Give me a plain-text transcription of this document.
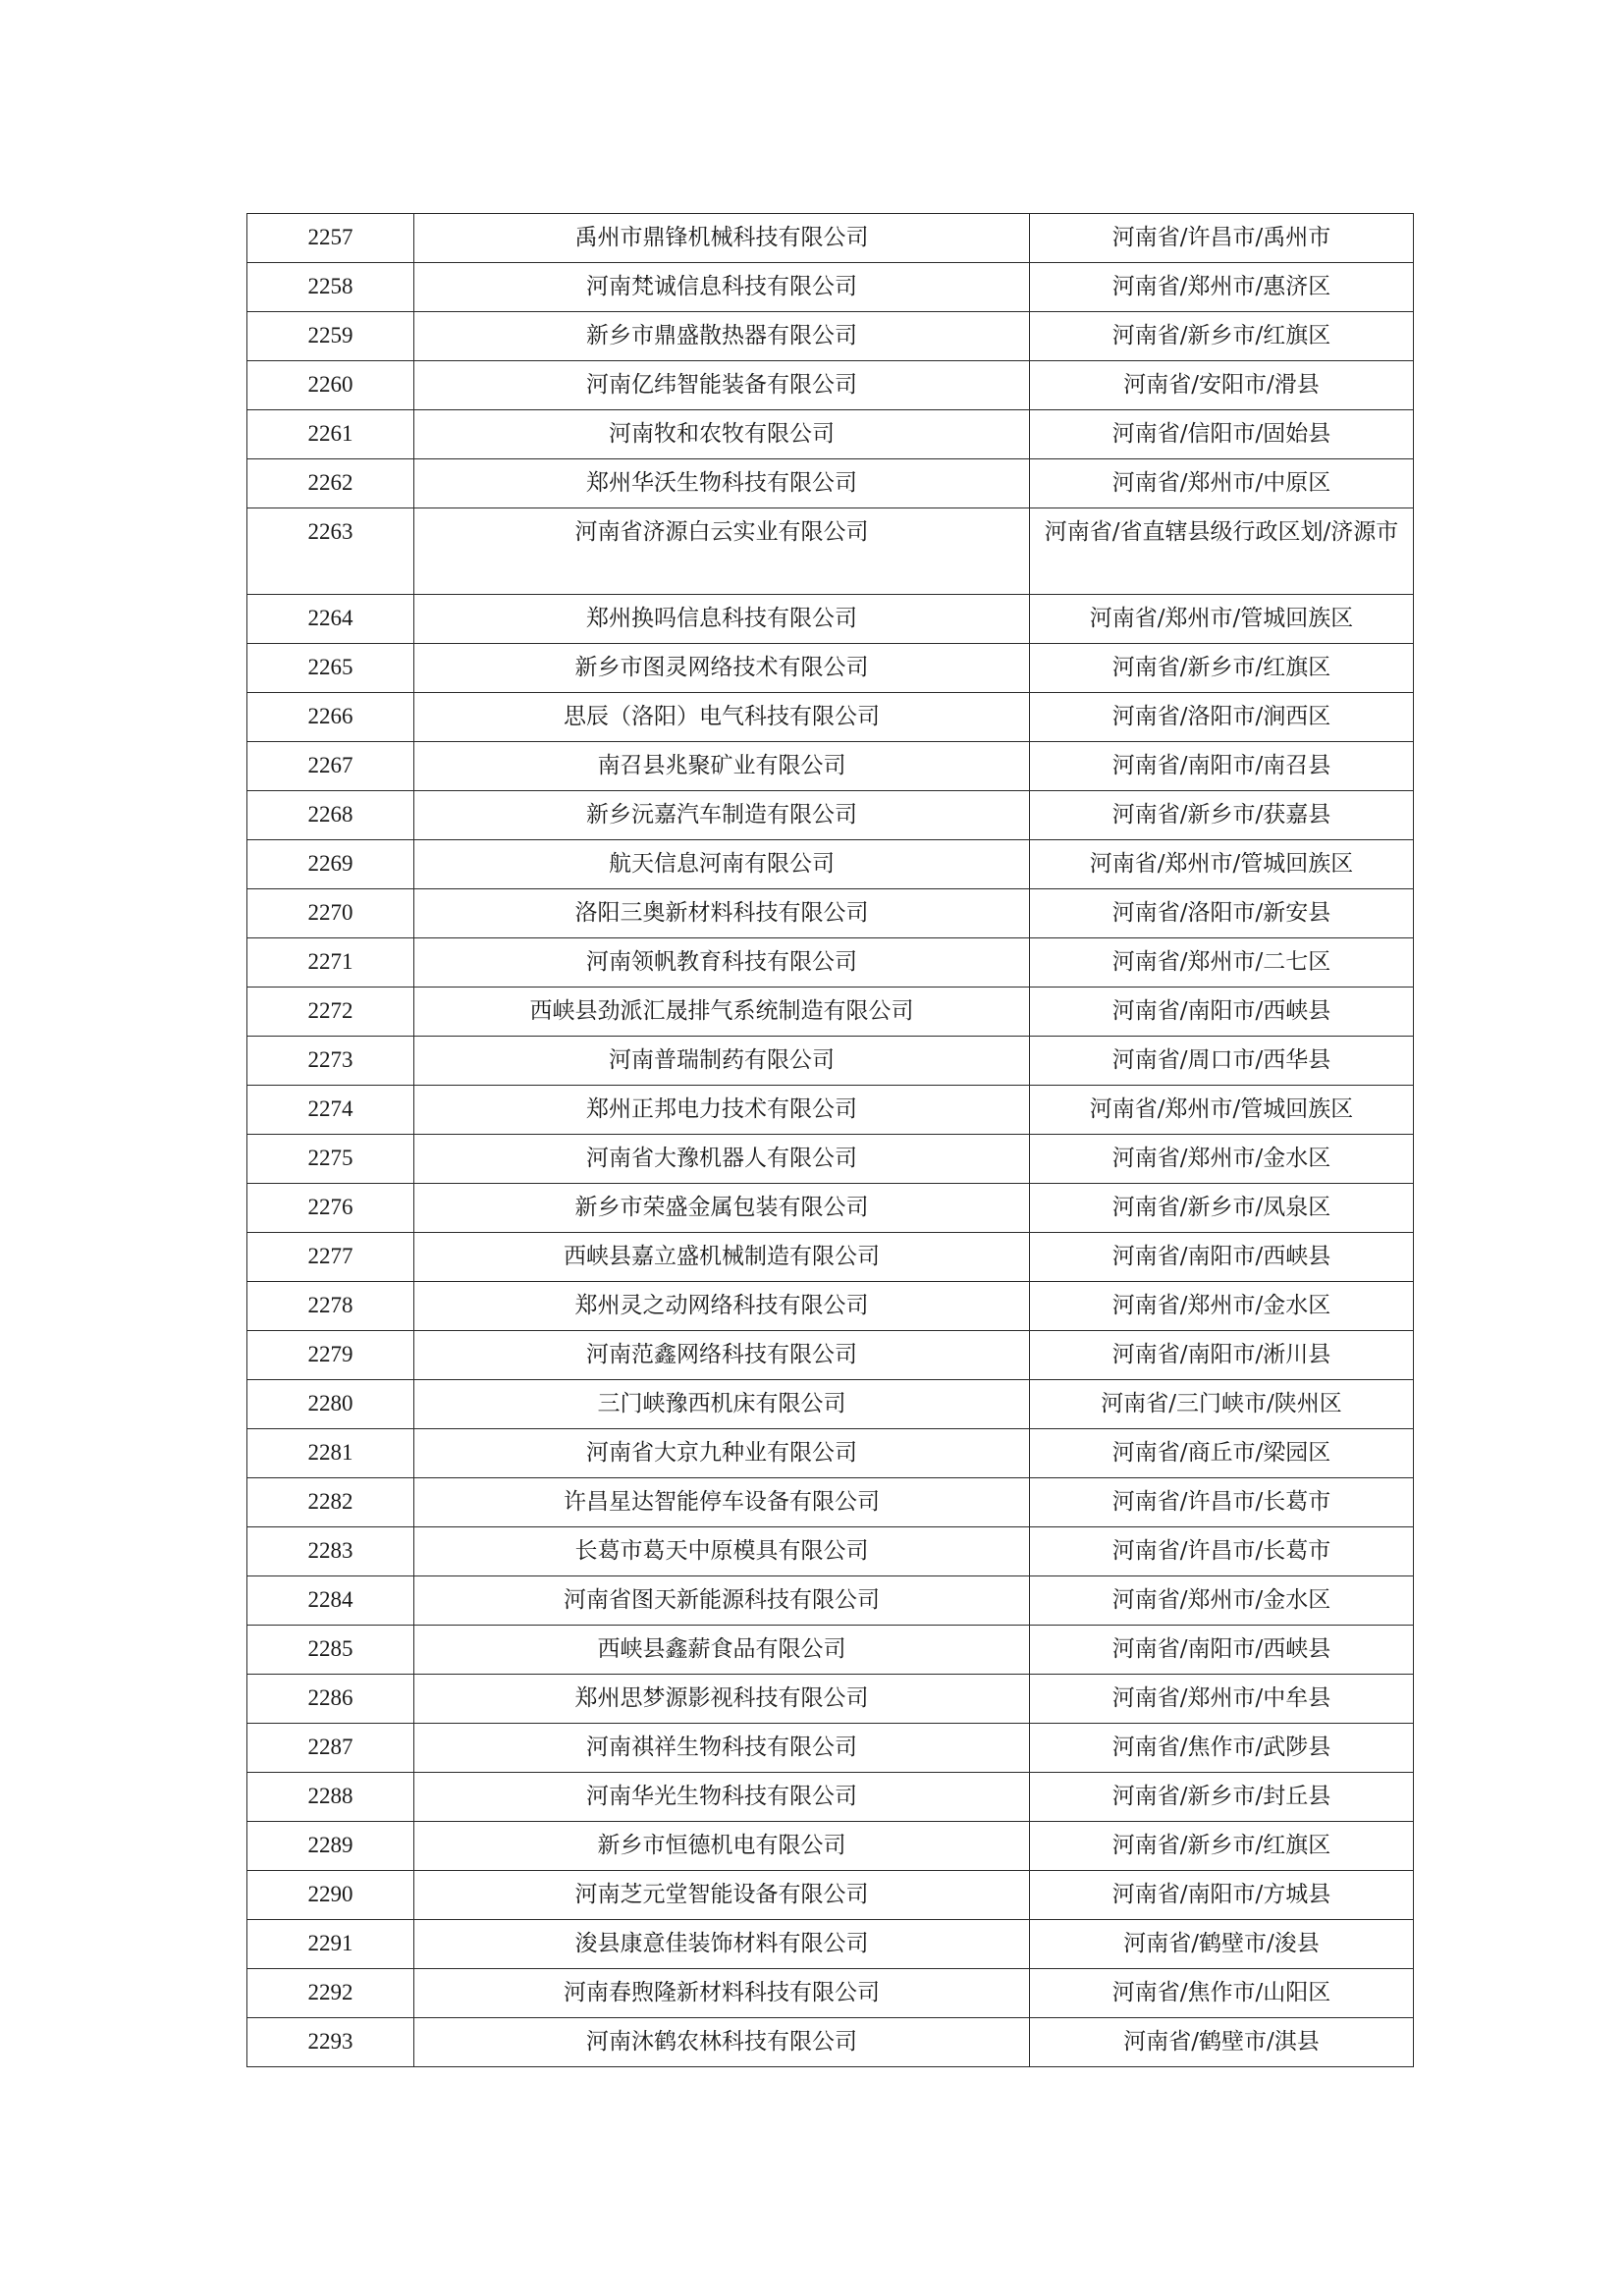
2257	禹州市鼎锋机械科技有限公司	河南省/许昌市/禹州市
2258	河南梵诚信息科技有限公司	河南省/郑州市/惠济区
2259	新乡市鼎盛散热器有限公司	河南省/新乡市/红旗区
2260	河南亿纬智能装备有限公司	河南省/安阳市/滑县
2261	河南牧和农牧有限公司	河南省/信阳市/固始县
2262	郑州华沃生物科技有限公司	河南省/郑州市/中原区
2263	河南省济源白云实业有限公司	河南省/省直辖县级行政区划/济源市
2264	郑州换吗信息科技有限公司	河南省/郑州市/管城回族区
2265	新乡市图灵网络技术有限公司	河南省/新乡市/红旗区
2266	思辰（洛阳）电气科技有限公司	河南省/洛阳市/涧西区
2267	南召县兆聚矿业有限公司	河南省/南阳市/南召县
2268	新乡沅嘉汽车制造有限公司	河南省/新乡市/获嘉县
2269	航天信息河南有限公司	河南省/郑州市/管城回族区
2270	洛阳三奥新材料科技有限公司	河南省/洛阳市/新安县
2271	河南领帆教育科技有限公司	河南省/郑州市/二七区
2272	西峡县劲派汇晟排气系统制造有限公司	河南省/南阳市/西峡县
2273	河南普瑞制药有限公司	河南省/周口市/西华县
2274	郑州正邦电力技术有限公司	河南省/郑州市/管城回族区
2275	河南省大豫机器人有限公司	河南省/郑州市/金水区
2276	新乡市荣盛金属包装有限公司	河南省/新乡市/凤泉区
2277	西峡县嘉立盛机械制造有限公司	河南省/南阳市/西峡县
2278	郑州灵之动网络科技有限公司	河南省/郑州市/金水区
2279	河南范鑫网络科技有限公司	河南省/南阳市/淅川县
2280	三门峡豫西机床有限公司	河南省/三门峡市/陕州区
2281	河南省大京九种业有限公司	河南省/商丘市/梁园区
2282	许昌星达智能停车设备有限公司	河南省/许昌市/长葛市
2283	长葛市葛天中原模具有限公司	河南省/许昌市/长葛市
2284	河南省图天新能源科技有限公司	河南省/郑州市/金水区
2285	西峡县鑫薪食品有限公司	河南省/南阳市/西峡县
2286	郑州思梦源影视科技有限公司	河南省/郑州市/中牟县
2287	河南祺祥生物科技有限公司	河南省/焦作市/武陟县
2288	河南华光生物科技有限公司	河南省/新乡市/封丘县
2289	新乡市恒德机电有限公司	河南省/新乡市/红旗区
2290	河南芝元堂智能设备有限公司	河南省/南阳市/方城县
2291	浚县康意佳装饰材料有限公司	河南省/鹤壁市/浚县
2292	河南春煦隆新材料科技有限公司	河南省/焦作市/山阳区
2293	河南沐鹤农林科技有限公司	河南省/鹤壁市/淇县
